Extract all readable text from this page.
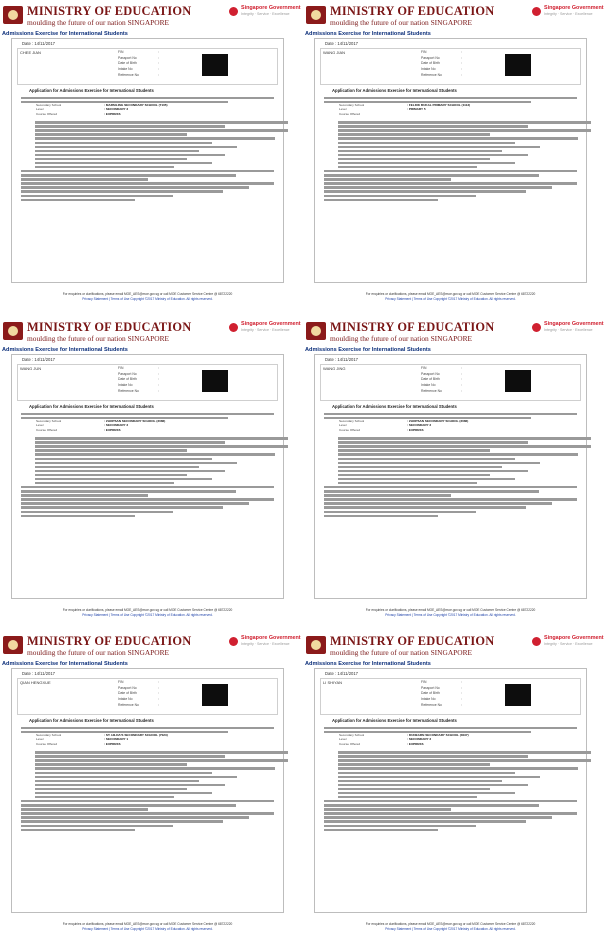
MINISTRY OF EDUCATION
moulding the future of our nation SINGAPORE
Singapore Government
Integrity · Service · Excellence
Admissions Exercise for International Students
Date : 14/11/2017
CHEE JIAN	FIN
Passport No
Date of Birth
Intake No
Reference No
:
:
:
:
:
Application for Admissions Exercise for International Students
Secondary School
Level
Course Offered
: MARSILING SECONDARY SCHOOL (7105)
: SECONDARY 3
: EXPRESS
For enquiries or clarifications, please email MOE_AES@moe.gov.sg or call MOE Customer Service Centre @ 68722220
Privacy Statement | Terms of Use Copyright ©2017 Ministry of Education. All rights reserved.
MINISTRY OF EDUCATION
moulding the future of our nation SINGAPORE
Singapore Government
Integrity · Service · Excellence
Admissions Exercise for International Students
Date : 14/11/2017
WANG JIAN	FIN
Passport No
Date of Birth
Intake No
Reference No
:
:
:
:
:
Application for Admissions Exercise for International Students
Secondary School
Level
Course Offered
: FELDIK BUKAL PRIMARY SCHOOL (1113)
: PRIMARY 5
For enquiries or clarifications, please email MOE_AES@moe.gov.sg or call MOE Customer Service Centre @ 68722220
Privacy Statement | Terms of Use Copyright ©2017 Ministry of Education. All rights reserved.
MINISTRY OF EDUCATION
moulding the future of our nation SINGAPORE
Singapore Government
Integrity · Service · Excellence
Admissions Exercise for International Students
Date : 14/11/2017
WANG JUN	FIN
Passport No
Date of Birth
Intake No
Reference No
:
:
:
:
:
Application for Admissions Exercise for International Students
Secondary School
Level
Course Offered
: ZHOPSAN SECONDARY SCHOOL (3086)
: SECONDARY 3
: EXPRESS
For enquiries or clarifications, please email MOE_AES@moe.gov.sg or call MOE Customer Service Centre @ 68722220
Privacy Statement | Terms of Use Copyright ©2017 Ministry of Education. All rights reserved.
MINISTRY OF EDUCATION
moulding the future of our nation SINGAPORE
Singapore Government
Integrity · Service · Excellence
Admissions Exercise for International Students
Date : 14/11/2017
WANG JING	FIN
Passport No
Date of Birth
Intake No
Reference No
:
:
:
:
:
Application for Admissions Exercise for International Students
Secondary School
Level
Course Offered
: ZHOPSAN SECONDARY SCHOOL (3086)
: SECONDARY 3
: EXPRESS
For enquiries or clarifications, please email MOE_AES@moe.gov.sg or call MOE Customer Service Centre @ 68722220
Privacy Statement | Terms of Use Copyright ©2017 Ministry of Education. All rights reserved.
MINISTRY OF EDUCATION
moulding the future of our nation SINGAPORE
Singapore Government
Integrity · Service · Excellence
Admissions Exercise for International Students
Date : 14/11/2017
QIAN HENGXUE	FIN
Passport No
Date of Birth
Intake No
Reference No
:
:
:
:
:
Application for Admissions Exercise for International Students
Secondary School
Level
Course Offered
: ST. HILDA'S SECONDARY SCHOOL (7023)
: SECONDARY 1
: EXPRESS
For enquiries or clarifications, please email MOE_AES@moe.gov.sg or call MOE Customer Service Centre @ 68722220
Privacy Statement | Terms of Use Copyright ©2017 Ministry of Education. All rights reserved.
MINISTRY OF EDUCATION
moulding the future of our nation SINGAPORE
Singapore Government
Integrity · Service · Excellence
Admissions Exercise for International Students
Date : 14/11/2017
LI SHIYAN	FIN
Passport No
Date of Birth
Intake No
Reference No
:
:
:
:
:
Application for Admissions Exercise for International Students
Secondary School
Level
Course Offered
: DUNEARN SECONDARY SCHOOL (3037)
: SECONDARY 3
: EXPRESS
For enquiries or clarifications, please email MOE_AES@moe.gov.sg or call MOE Customer Service Centre @ 68722220
Privacy Statement | Terms of Use Copyright ©2017 Ministry of Education. All rights reserved.
